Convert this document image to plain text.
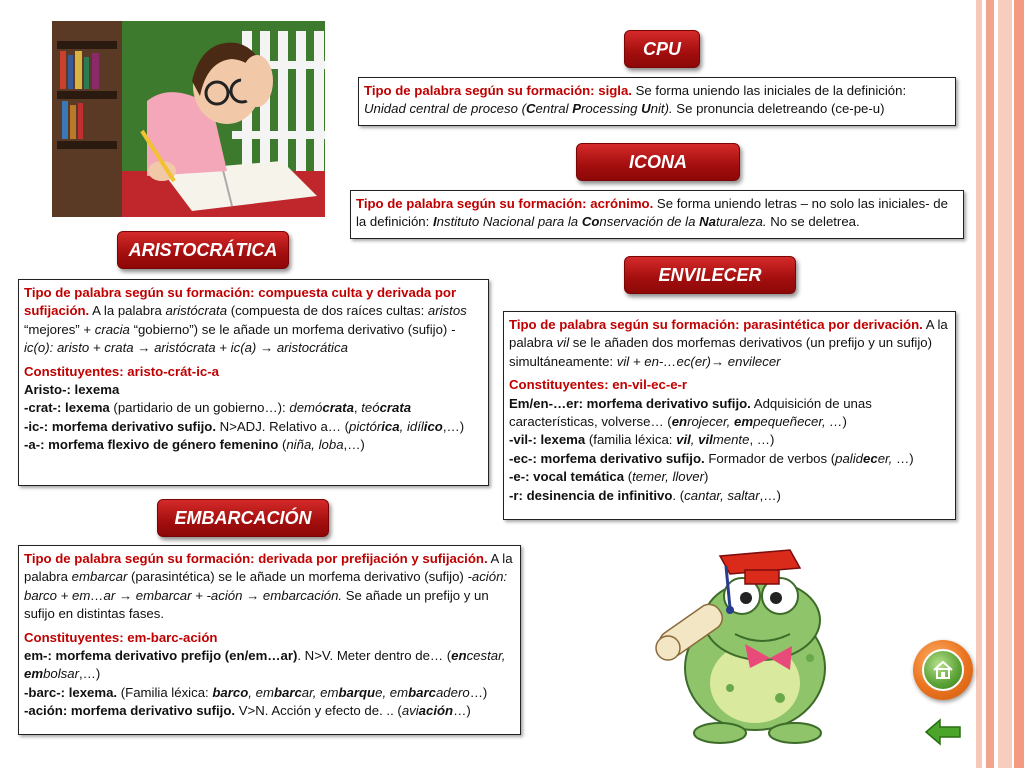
CPU

Tipo de palabra según su formación: sigla. Se forma uniendo las iniciales de la definición: Unidad central de proceso (Central Processing Unit). Se pronuncia deletreando (ce-pe-u)

ICONA

Tipo de palabra según su formación: acrónimo. Se forma uniendo letras – no solo las iniciales- de la definición: Instituto Nacional para la Conservación de la Naturaleza. No se deletrea.

ARISTOCRÁTICA

Tipo de palabra según su formación: compuesta culta y derivada por sufijación. A la palabra aristócrata (compuesta de dos raíces cultas: aristos “mejores” + cracia “gobierno”) se le añade un morfema derivativo (sufijo) -ic(o): aristo + crata → aristócrata + ic(a) → aristocrática

Constituyentes: aristo-crát-ic-a

Aristo-: lexema

-crat-: lexema (partidario de un gobierno…): demócrata, teócrata

-ic-: morfema derivativo sufijo. N>ADJ. Relativo a… (pictórica, idílico,…)

-a-: morfema flexivo de género femenino (niña, loba,…)

ENVILECER

Tipo de palabra según su formación: parasintética por derivación. A la palabra vil se le añaden dos morfemas derivativos (un prefijo y un sufijo) simultáneamente: vil + en-…ec(er)→ envilecer

Constituyentes: en-vil-ec-e-r

Em/en-…er: morfema derivativo sufijo. Adquisición de unas características, volverse… (enrojecer, empequeñecer, …)

-vil-: lexema (familia léxica: vil, vilmente, …)

-ec-: morfema derivativo sufijo. Formador de verbos (palidecer, …)

-e-: vocal temática (temer, llover)

-r: desinencia de infinitivo. (cantar, saltar,…)

EMBARCACIÓN

Tipo de palabra según su formación: derivada por prefijación y sufijación. A la palabra embarcar (parasintética) se le añade un morfema derivativo (sufijo) -ación: barco + em…ar → embarcar + -ación → embarcación. Se añade un prefijo y un sufijo en distintas fases.

Constituyentes: em-barc-ación

em-: morfema derivativo prefijo (en/em…ar). N>V. Meter dentro de… (encestar, embolsar,…)

-barc-: lexema. (Familia léxica: barco, embarcar, embarque, embarcadero…)

-ación: morfema derivativo sufijo. V>N. Acción y efecto de. .. (aviación…)
